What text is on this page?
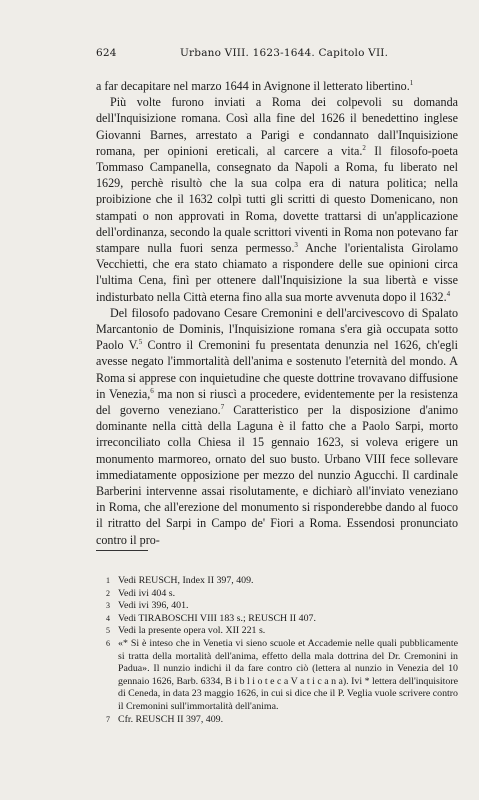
624	Urbano VIII. 1623-1644. Capitolo VII.

a far decapitare nel marzo 1644 in Avignone il letterato libertino.$^1$

Più volte furono inviati a Roma dei colpevoli su domanda dell'Inquisizione romana. Così alla fine del 1626 il benedettino inglese Giovanni Barnes, arrestato a Parigi e condannato dall'Inquisizione romana, per opinioni ereticali, al carcere a vita.$^2$ Il filosofo-poeta Tommaso Campanella, consegnato da Napoli a Roma, fu liberato nel 1629, perchè risultò che la sua colpa era di natura politica; nella proibizione che il 1632 colpì tutti gli scritti di questo Domenicano, non stampati o non approvati in Roma, dovette trattarsi di un'applicazione dell'ordinanza, secondo la quale scrittori viventi in Roma non potevano far stampare nulla fuori senza permesso.$^3$ Anche l'orientalista Girolamo Vecchietti, che era stato chiamato a rispondere delle sue opinioni circa l'ultima Cena, finì per ottenere dall'Inquisizione la sua libertà e visse indisturbato nella Città eterna fino alla sua morte avvenuta dopo il 1632.$^4$

Del filosofo padovano Cesare Cremonini e dell'arcivescovo di Spalato Marcantonio de Dominis, l'Inquisizione romana s'era già occupata sotto Paolo V.$^5$ Contro il Cremonini fu presentata denunzia nel 1626, ch'egli avesse negato l'immortalità dell'anima e sostenuto l'eternità del mondo. A Roma si apprese con inquietudine che queste dottrine trovavano diffusione in Venezia,$^6$ ma non si riuscì a procedere, evidentemente per la resistenza del governo veneziano.$^7$ Caratteristico per la disposizione d'animo dominante nella città della Laguna è il fatto che a Paolo Sarpi, morto irreconciliato colla Chiesa il 15 gennaio 1623, si voleva erigere un monumento marmoreo, ornato del suo busto. Urbano VIII fece sollevare immediatamente opposizione per mezzo del nunzio Agucchi. Il cardinale Barberini intervenne assai risolutamente, e dichiarò all'inviato veneziano in Roma, che all'erezione del monumento si risponderebbe dando al fuoco il ritratto del Sarpi in Campo de' Fiori a Roma. Essendosi pronunciato contro il pro-

1 Vedi REUSCH, Index II 397, 409.
2 Vedi ivi 404 s.
3 Vedi ivi 396, 401.
4 Vedi TIRABOSCHI VIII 183 s.; REUSCH II 407.
5 Vedi la presente opera vol. XII 221 s.
6 «* Si è inteso che in Venetia vi sieno scuole et Accademie nelle quali pubblicamente si tratta della mortalità dell'anima, effetto della mala dottrina del Dr. Cremonini in Padua». Il nunzio indichi il da fare contro ciò (lettera al nunzio in Venezia del 10 gennaio 1626, Barb. 6334, B i b l i o t e c a V a t i c a n a). Ivi * lettera dell'inquisitore di Ceneda, in data 23 maggio 1626, in cui si dice che il P. Veglia vuole scrivere contro il Cremonini sull'immortalità dell'anima.
7 Cfr. REUSCH II 397, 409.
